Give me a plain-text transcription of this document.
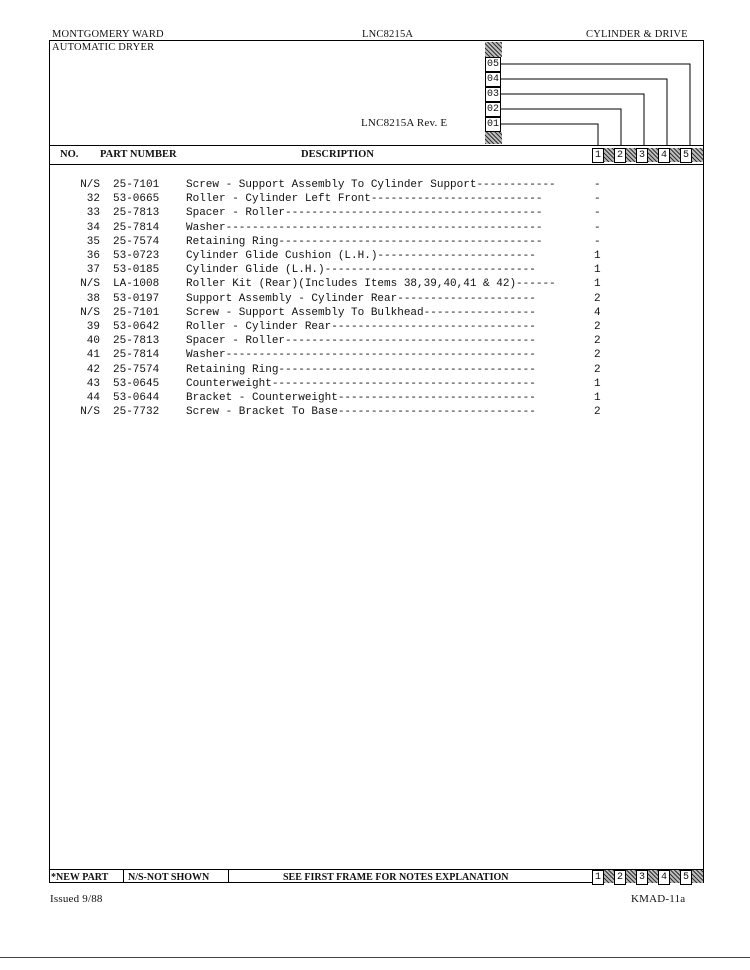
MONTGOMERY WARD	LNC8215A	CYLINDER & DRIVE
AUTOMATIC DRYER
LNC8215A Rev. E
05
04
03
02
01
NO. PART NUMBER	DESCRIPTION	1	2	3	4	5
N/S 25-7101 Screw - Support Assembly To Cylinder Support------------	-
32 53-0665 Roller - Cylinder Left Front--------------------------	-
33 25-7813 Spacer - Roller---------------------------------------	-
34 25-7814 Washer------------------------------------------------	-
35 25-7574 Retaining Ring----------------------------------------	-
36 53-0723 Cylinder Glide Cushion (L.H.)------------------------	1
37 53-0185 Cylinder Glide (L.H.)--------------------------------	1
N/S LA-1008 Roller Kit (Rear)(Includes Items 38,39,40,41 & 42)------	1
38 53-0197 Support Assembly - Cylinder Rear---------------------	2
N/S 25-7101 Screw - Support Assembly To Bulkhead-----------------	4
39 53-0642 Roller - Cylinder Rear-------------------------------	2
40 25-7813 Spacer - Roller--------------------------------------	2
41 25-7814 Washer-----------------------------------------------	2
42 25-7574 Retaining Ring---------------------------------------	2
43 53-0645 Counterweight----------------------------------------	1
44 53-0644 Bracket - Counterweight------------------------------	1
N/S 25-7732 Screw - Bracket To Base------------------------------	2
*NEW PART N/S-NOT SHOWN	SEE FIRST FRAME FOR NOTES EXPLANATION	1	2	3	4	5
Issued 9/88	KMAD-11a
